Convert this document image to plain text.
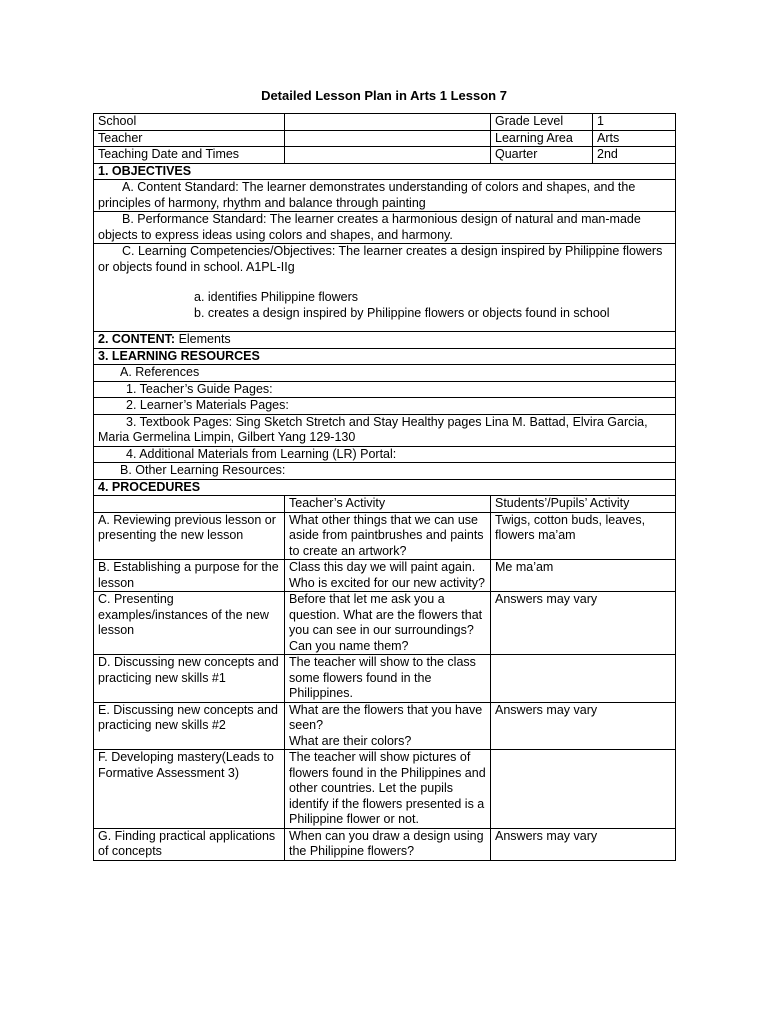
Detailed Lesson Plan in Arts 1 Lesson 7
School		Grade Level	1
Teacher		Learning Area	Arts
Teaching Date and Times		Quarter	2nd
1. OBJECTIVES			
A. Content Standard: The learner demonstrates understanding of colors and shapes, and the principles of harmony, rhythm and balance through painting			
B. Performance Standard: The learner creates a harmonious design of natural and man-made objects to express ideas using colors and shapes, and harmony.			

C. Learning Competencies/Objectives: The learner creates a design inspired by Philippine flowers or objects found in school. A1PL-IIg

a. identifies Philippine flowers

b. creates a design inspired by Philippine flowers or objects found in school			

2. CONTENT: Elements			
3. LEARNING RESOURCES			
A. References			
1. Teacher’s Guide Pages:			
2. Learner’s Materials Pages:			
3. Textbook Pages: Sing Sketch Stretch and Stay Healthy pages Lina M. Battad, Elvira Garcia, Maria Germelina Limpin, Gilbert Yang 129-130			
4. Additional Materials from Learning (LR) Portal:			
B. Other Learning Resources:			
4. PROCEDURES			
	Teacher’s Activity	Students’/Pupils’ Activity	
A. Reviewing previous lesson or presenting the new lesson	What other things that we can use aside from paintbrushes and paints to create an artwork?	Twigs, cotton buds, leaves, flowers ma’am	
B. Establishing a purpose for the lesson	Class this day we will paint again. Who is excited for our new activity?	Me ma’am	
C. Presenting examples/instances of the new lesson	Before that let me ask you a question. What are the flowers that you can see in our surroundings?

Can you name them?	Answers may vary	
D. Discussing new concepts and practicing new skills #1	The teacher will show to the class some flowers found in the Philippines.		
E. Discussing new concepts and practicing new skills #2	What are the flowers that you have seen?

What are their colors?	Answers may vary	
F. Developing mastery(Leads to Formative Assessment 3)	The teacher will show pictures of flowers found in the Philippines and other countries. Let the pupils identify if the flowers presented is a Philippine flower or not.		
G. Finding practical applications of concepts	When can you draw a design using the Philippine flowers?	Answers may vary	
